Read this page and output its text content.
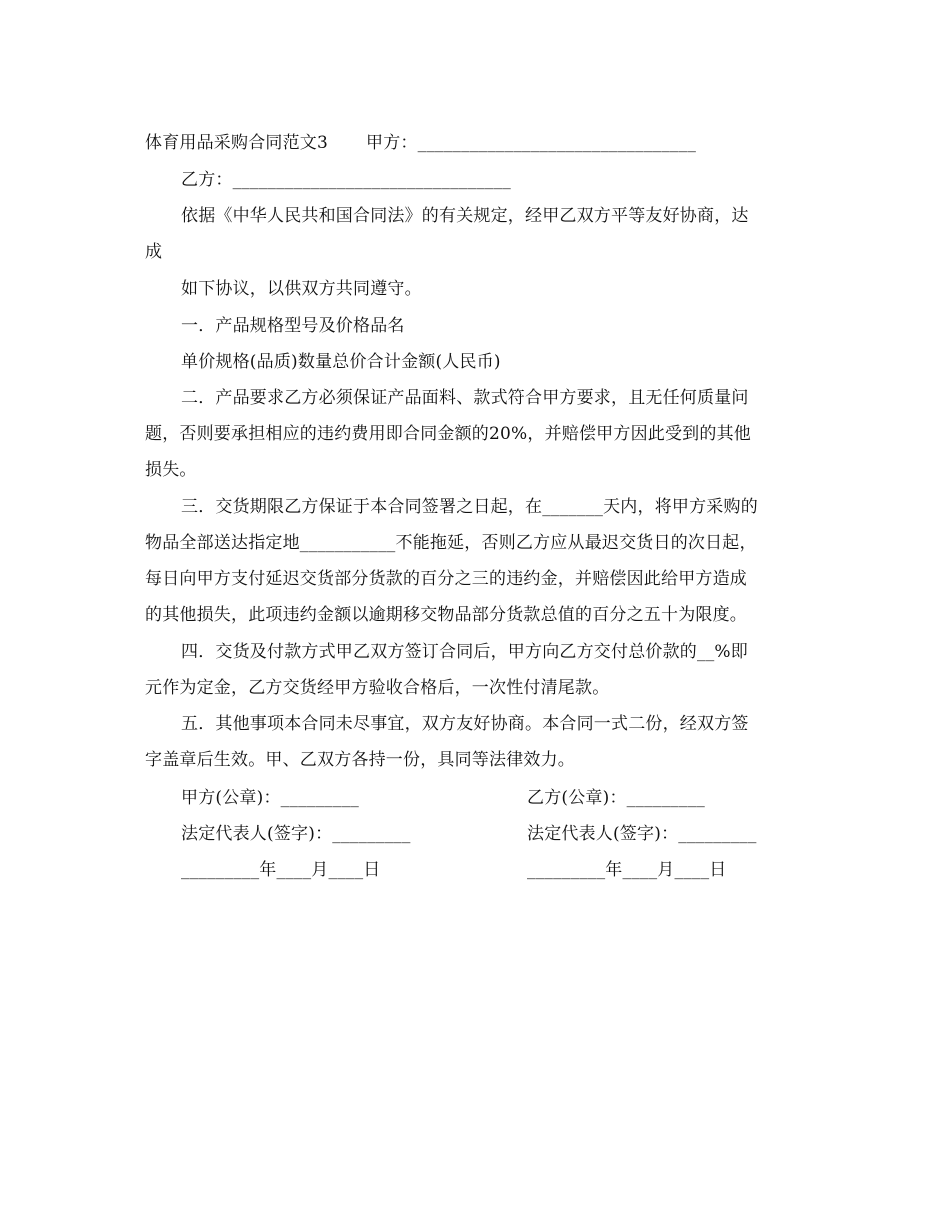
体育用品采购合同范文3 甲方：________________________________
乙方：________________________________
依据《中华人民共和国合同法》的有关规定，经甲乙双方平等友好协商，达
成
如下协议，以供双方共同遵守。
一．产品规格型号及价格品名
单价规格(品质)数量总价合计金额(人民币)
二．产品要求乙方必须保证产品面料、款式符合甲方要求，且无任何质量问
题，否则要承担相应的违约费用即合同金额的20%，并赔偿甲方因此受到的其他
损失。
三．交货期限乙方保证于本合同签署之日起，在_______天内，将甲方采购的
物品全部送达指定地___________不能拖延，否则乙方应从最迟交货日的次日起，
每日向甲方支付延迟交货部分货款的百分之三的违约金，并赔偿因此给甲方造成
的其他损失，此项违约金额以逾期移交物品部分货款总值的百分之五十为限度。
四．交货及付款方式甲乙双方签订合同后，甲方向乙方交付总价款的__%即
元作为定金，乙方交货经甲方验收合格后，一次性付清尾款。
五．其他事项本合同未尽事宜，双方友好协商。本合同一式二份，经双方签
字盖章后生效。甲、乙双方各持一份，具同等法律效力。
甲方(公章)：_________	乙方(公章)：_________
法定代表人(签字)：_________	法定代表人(签字)：_________
_________年____月____日	_________年____月____日
